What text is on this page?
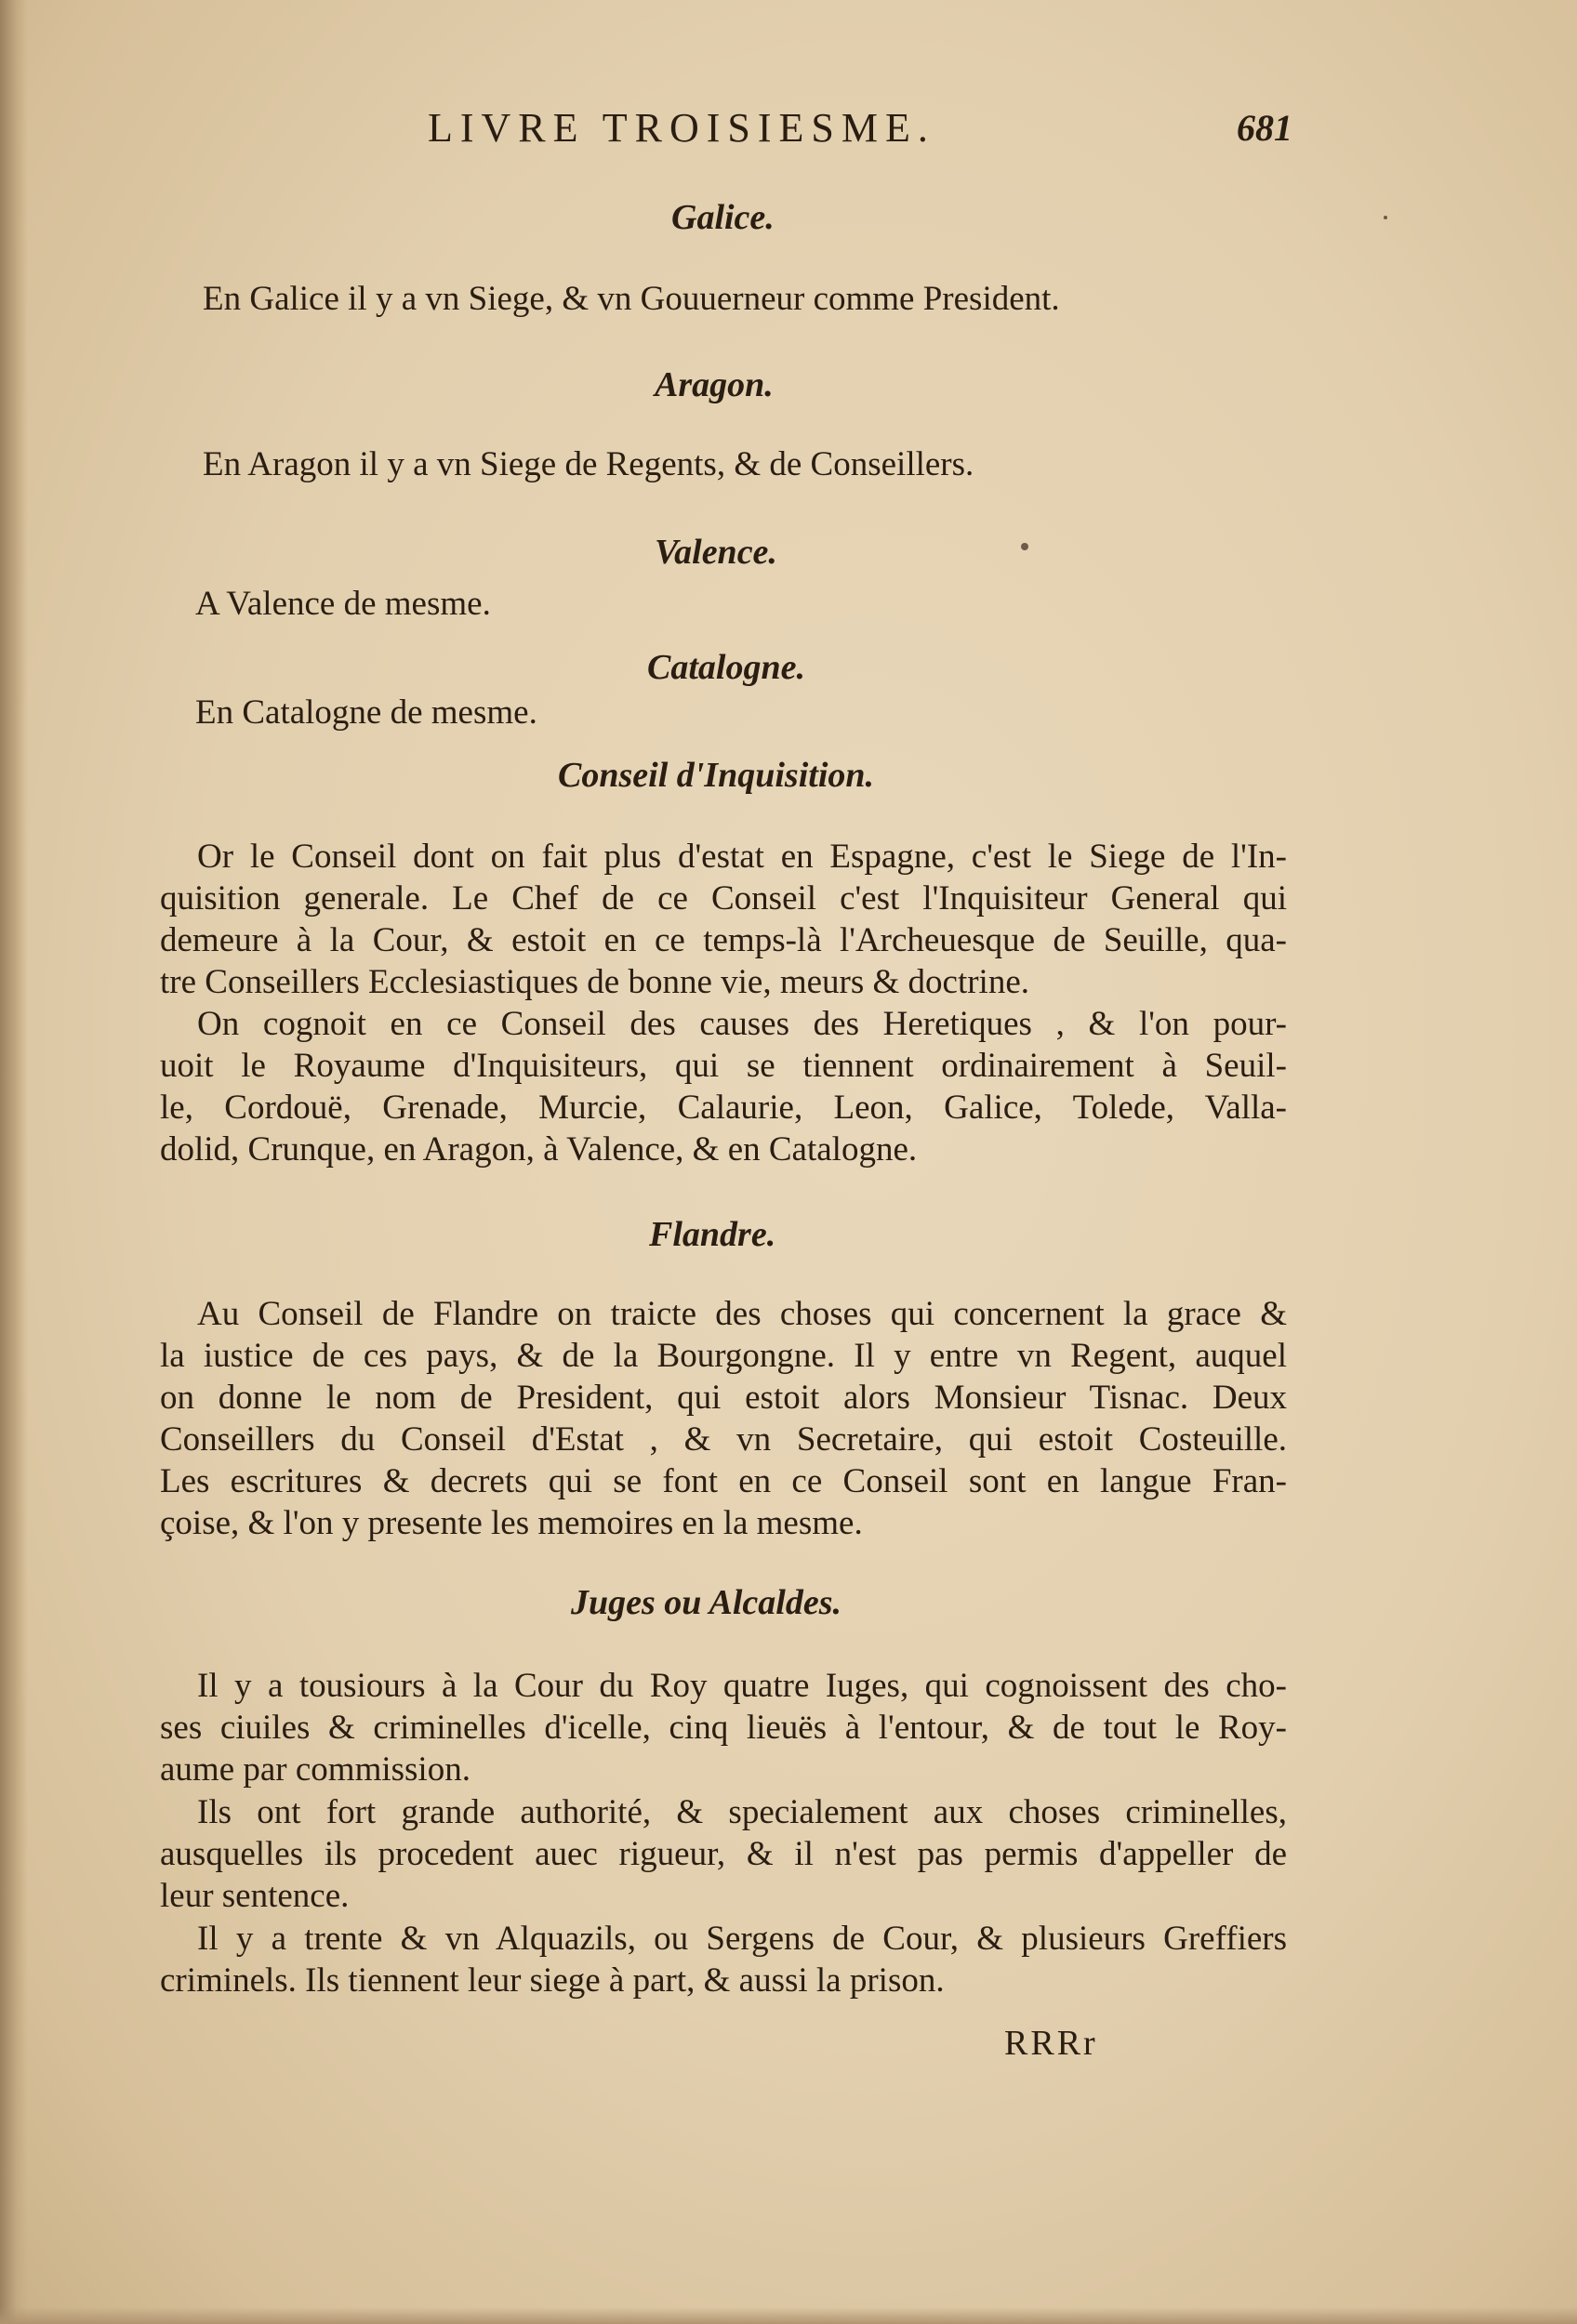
LIVRE TROISIESME.	681
Galice.
En Galice il y a vn Siege, & vn Gouuerneur comme President.
Aragon.
En Aragon il y a vn Siege de Regents, & de Conseillers.
Valence.
A Valence de mesme.
Catalogne.
En Catalogne de mesme.
Conseil d'Inquisition.
Or le Conseil dont on fait plus d'estat en Espagne, c'est le Siege de l'In-
quisition generale. Le Chef de ce Conseil c'est l'Inquisiteur General qui
demeure à la Cour, & estoit en ce temps-là l'Archeuesque de Seuille, qua-
tre Conseillers Ecclesiastiques de bonne vie, meurs & doctrine.
On cognoit en ce Conseil des causes des Heretiques , & l'on pour-
uoit le Royaume d'Inquisiteurs, qui se tiennent ordinairement à Seuil-
le, Cordouë, Grenade, Murcie, Calaurie, Leon, Galice, Tolede, Valla-
dolid, Crunque, en Aragon, à Valence, & en Catalogne.
Flandre.
Au Conseil de Flandre on traicte des choses qui concernent la grace &
la iustice de ces pays, & de la Bourgongne. Il y entre vn Regent, auquel
on donne le nom de President, qui estoit alors Monsieur Tisnac. Deux
Conseillers du Conseil d'Estat , & vn Secretaire, qui estoit Costeuille.
Les escritures & decrets qui se font en ce Conseil sont en langue Fran-
çoise, & l'on y presente les memoires en la mesme.
Juges ou Alcaldes.
Il y a tousiours à la Cour du Roy quatre Iuges, qui cognoissent des cho-
ses ciuiles & criminelles d'icelle, cinq lieuës à l'entour, & de tout le Roy-
aume par commission.
Ils ont fort grande authorité, & specialement aux choses criminelles,
ausquelles ils procedent auec rigueur, & il n'est pas permis d'appeller de
leur sentence.
Il y a trente & vn Alquazils, ou Sergens de Cour, & plusieurs Greffiers
criminels. Ils tiennent leur siege à part, & aussi la prison.
RRRr
